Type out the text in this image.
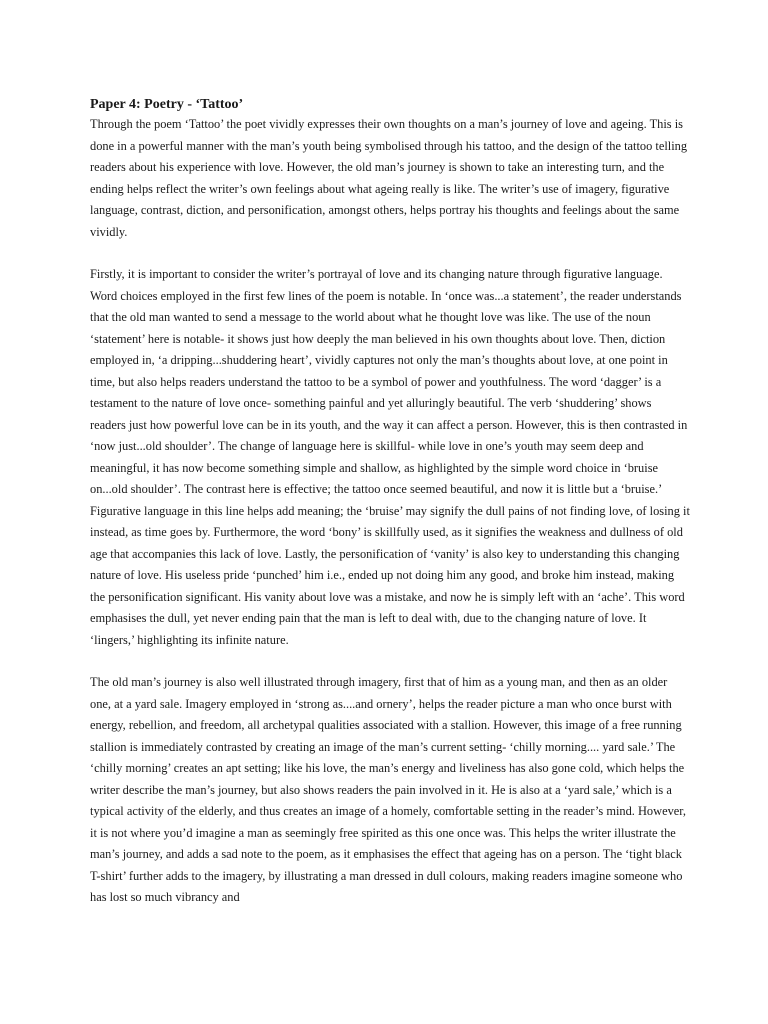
Paper 4: Poetry - ‘Tattoo’

Through the poem ‘Tattoo’ the poet vividly expresses their own thoughts on a man’s journey of love and ageing. This is done in a powerful manner with the man’s youth being symbolised through his tattoo, and the design of the tattoo telling readers about his experience with love. However, the old man’s journey is shown to take an interesting turn, and the ending helps reflect the writer’s own feelings about what ageing really is like. The writer’s use of imagery, figurative language, contrast, diction, and personification, amongst others, helps portray his thoughts and feelings about the same vividly.

Firstly, it is important to consider the writer’s portrayal of love and its changing nature through figurative language. Word choices employed in the first few lines of the poem is notable. In ‘once was...a statement’, the reader understands that the old man wanted to send a message to the world about what he thought love was like. The use of the noun ‘statement’ here is notable- it shows just how deeply the man believed in his own thoughts about love. Then, diction employed in, ‘a dripping...shuddering heart’, vividly captures not only the man’s thoughts about love, at one point in time, but also helps readers understand the tattoo to be a symbol of power and youthfulness. The word ‘dagger’ is a testament to the nature of love once- something painful and yet alluringly beautiful. The verb ‘shuddering’ shows readers just how powerful love can be in its youth, and the way it can affect a person. However, this is then contrasted in ‘now just...old shoulder’. The change of language here is skillful- while love in one’s youth may seem deep and meaningful, it has now become something simple and shallow, as highlighted by the simple word choice in ‘bruise on...old shoulder’. The contrast here is effective; the tattoo once seemed beautiful, and now it is little but a ‘bruise.’ Figurative language in this line helps add meaning; the ‘bruise’ may signify the dull pains of not finding love, of losing it instead, as time goes by. Furthermore, the word ‘bony’ is skillfully used, as it signifies the weakness and dullness of old age that accompanies this lack of love. Lastly, the personification of ‘vanity’ is also key to understanding this changing nature of love. His useless pride ‘punched’ him i.e., ended up not doing him any good, and broke him instead, making the personification significant. His vanity about love was a mistake, and now he is simply left with an ‘ache’. This word emphasises the dull, yet never ending pain that the man is left to deal with, due to the changing nature of love. It ‘lingers,’ highlighting its infinite nature.

The old man’s journey is also well illustrated through imagery, first that of him as a young man, and then as an older one, at a yard sale. Imagery employed in ‘strong as....and ornery’, helps the reader picture a man who once burst with energy, rebellion, and freedom, all archetypal qualities associated with a stallion. However, this image of a free running stallion is immediately contrasted by creating an image of the man’s current setting- ‘chilly morning.... yard sale.’ The ‘chilly morning’ creates an apt setting; like his love, the man’s energy and liveliness has also gone cold, which helps the writer describe the man’s journey, but also shows readers the pain involved in it. He is also at a ‘yard sale,’ which is a typical activity of the elderly, and thus creates an image of a homely, comfortable setting in the reader’s mind. However, it is not where you’d imagine a man as seemingly free spirited as this one once was. This helps the writer illustrate the man’s journey, and adds a sad note to the poem, as it emphasises the effect that ageing has on a person. The ‘tight black T-shirt’ further adds to the imagery, by illustrating a man dressed in dull colours, making readers imagine someone who has lost so much vibrancy and
